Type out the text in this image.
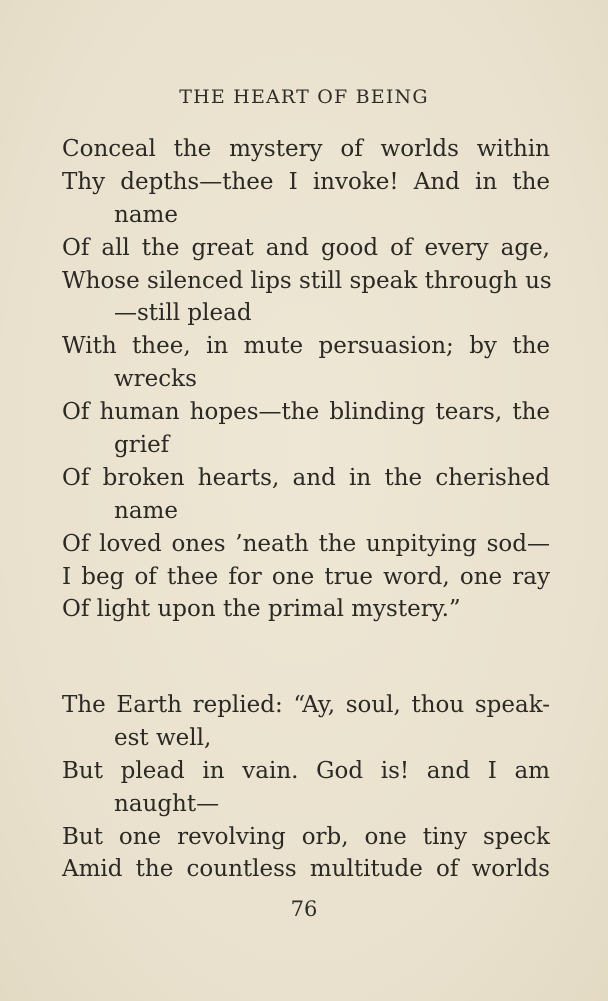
THE HEART OF BEING
Conceal the mystery of worlds within
Thy depths—thee I invoke! And in the
name
Of all the great and good of every age,
Whose silenced lips still speak through us
—still plead
With thee, in mute persuasion; by the
wrecks
Of human hopes—the blinding tears, the
grief
Of broken hearts, and in the cherished
name
Of loved ones ’neath the unpitying sod—
I beg of thee for one true word, one ray
Of light upon the primal mystery.”
The Earth replied: “Ay, soul, thou speak-
est well,
But plead in vain. God is! and I am
naught—
But one revolving orb, one tiny speck
Amid the countless multitude of worlds
76
